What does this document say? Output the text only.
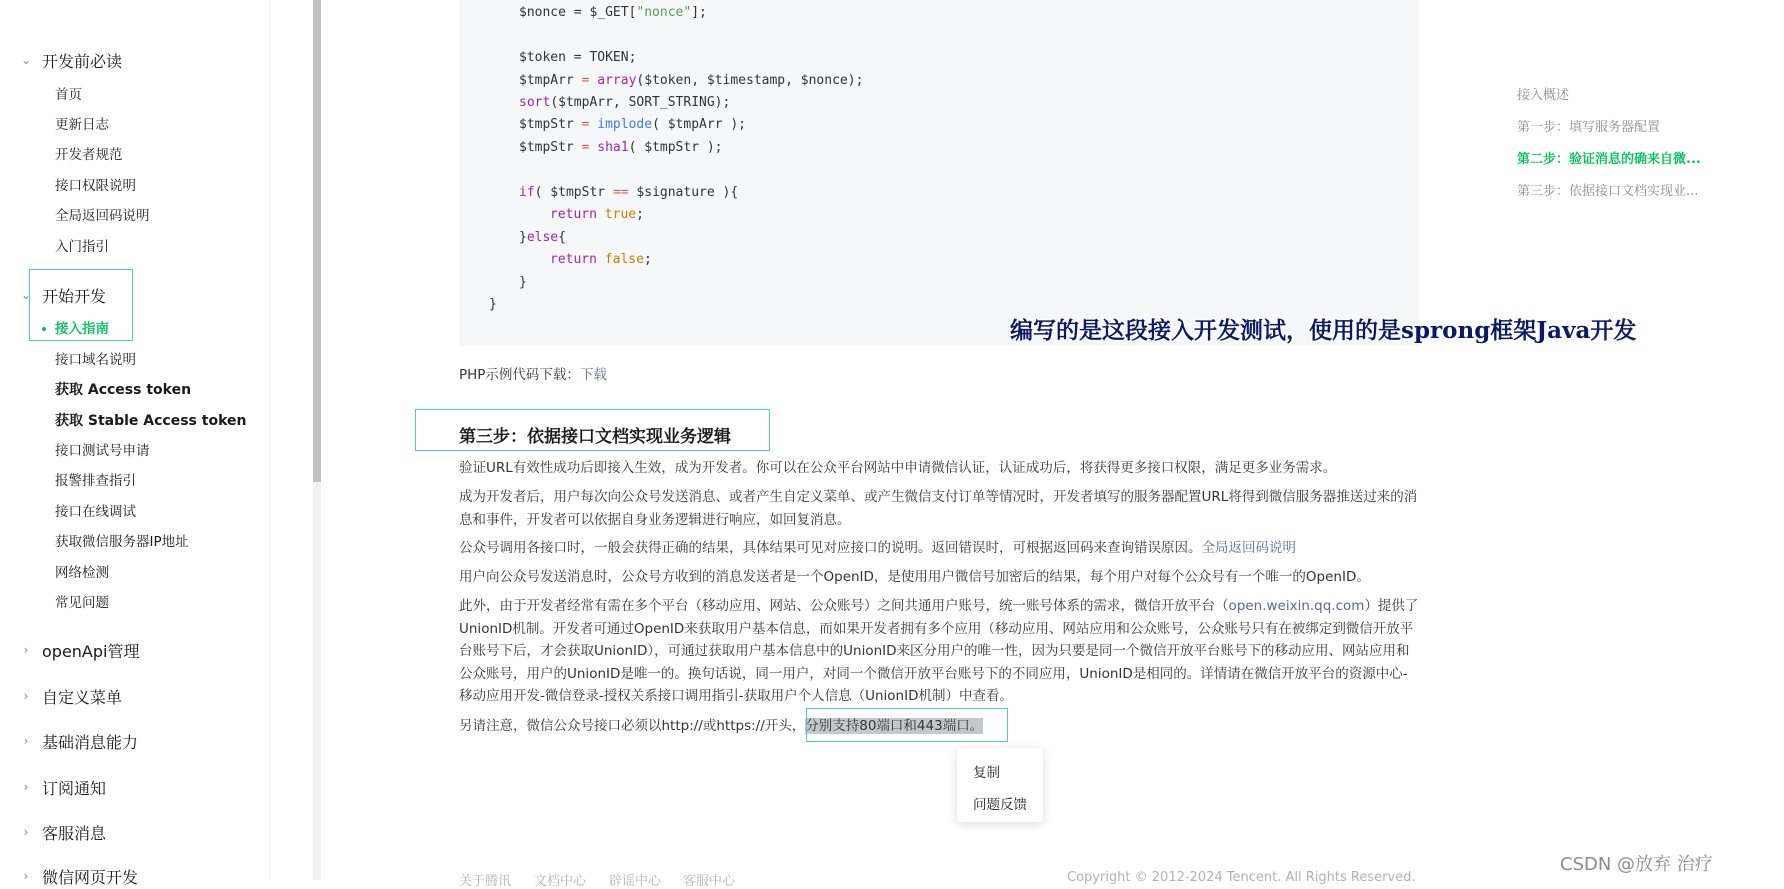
⌄ 开发前必读
首页
更新日志
开发者规范
接口权限说明
全局返回码说明
入门指引
⌄ 开始开发
接入指南
接口域名说明
获取 Access token
获取 Stable Access token
接口测试号申请
报警排查指引
接口在线调试
获取微信服务器IP地址
网络检测
常见问题
› openApi管理
› 自定义菜单
› 基础消息能力
› 订阅通知
› 客服消息
› 微信网页开发
$nonce = $_GET["nonce"];
$token = TOKEN;
$tmpArr = array($token, $timestamp, $nonce);
sort($tmpArr, SORT_STRING);
$tmpStr = implode( $tmpArr );
$tmpStr = sha1( $tmpStr );
if( $tmpStr == $signature ){
return true;
}else{
return false;
}
}
编写的是这段接入开发测试，使用的是sprong框架Java开发
PHP示例代码下载：下载
第三步：依据接口文档实现业务逻辑
验证URL有效性成功后即接入生效，成为开发者。你可以在公众平台网站中申请微信认证，认证成功后，将获得更多接口权限，满足更多业务需求。
成为开发者后，用户每次向公众号发送消息、或者产生自定义菜单、或产生微信支付订单等情况时，开发者填写的服务器配置URL将得到微信服务器推送过来的消息和事件，开发者可以依据自身业务逻辑进行响应，如回复消息。
公众号调用各接口时，一般会获得正确的结果，具体结果可见对应接口的说明。返回错误时，可根据返回码来查询错误原因。全局返回码说明
用户向公众号发送消息时，公众号方收到的消息发送者是一个OpenID，是使用用户微信号加密后的结果，每个用户对每个公众号有一个唯一的OpenID。
此外，由于开发者经常有需在多个平台（移动应用、网站、公众账号）之间共通用户账号，统一账号体系的需求，微信开放平台（open.weixin.qq.com）提供了UnionID机制。开发者可通过OpenID来获取用户基本信息，而如果开发者拥有多个应用（移动应用、网站应用和公众账号，公众账号只有在被绑定到微信开放平台账号下后，才会获取UnionID），可通过获取用户基本信息中的UnionID来区分用户的唯一性，因为只要是同一个微信开放平台账号下的移动应用、网站应用和公众账号，用户的UnionID是唯一的。换句话说，同一用户，对同一个微信开放平台账号下的不同应用，UnionID是相同的。详情请在微信开放平台的资源中心-移动应用开发-微信登录-授权关系接口调用指引-获取用户个人信息（UnionID机制）中查看。
另请注意，微信公众号接口必须以http://或https://开头，分别支持80端口和443端口。
复制
问题反馈
接入概述
第一步：填写服务器配置
第二步：验证消息的确来自微...
第三步：依据接口文档实现业...
关于腾讯 文档中心 辟谣中心 客服中心	Copyright © 2012-2024 Tencent. All Rights Reserved.
CSDN @放弃 治疗
